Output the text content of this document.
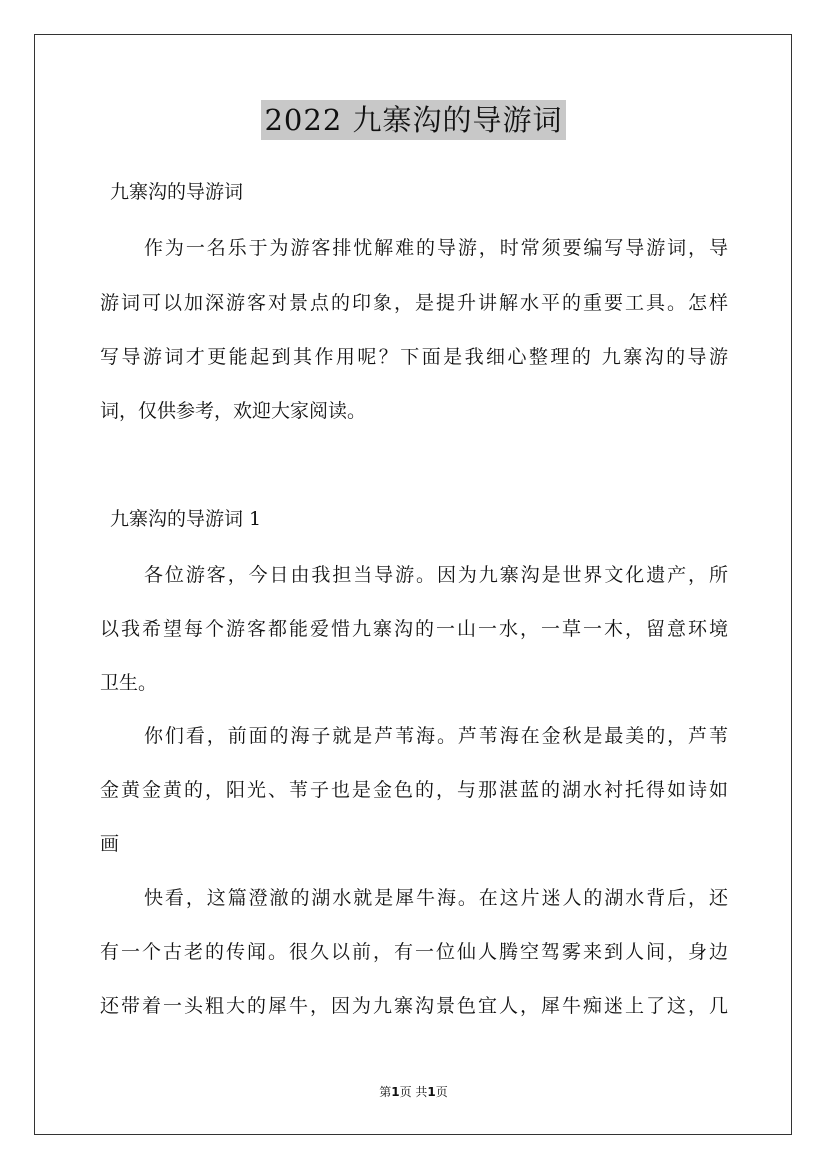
2022 九寨沟的导游词
九寨沟的导游词
作为一名乐于为游客排忧解难的导游，时常须要编写导游词，导
游词可以加深游客对景点的印象，是提升讲解水平的重要工具。怎样
写导游词才更能起到其作用呢？下面是我细心整理的 九寨沟的导游
词，仅供参考，欢迎大家阅读。
九寨沟的导游词 1
各位游客，今日由我担当导游。因为九寨沟是世界文化遗产，所
以我希望每个游客都能爱惜九寨沟的一山一水，一草一木，留意环境
卫生。
你们看，前面的海子就是芦苇海。芦苇海在金秋是最美的，芦苇
金黄金黄的，阳光、苇子也是金色的，与那湛蓝的湖水衬托得如诗如
画
快看，这篇澄澈的湖水就是犀牛海。在这片迷人的湖水背后，还
有一个古老的传闻。很久以前，有一位仙人腾空驾雾来到人间，身边
还带着一头粗大的犀牛，因为九寨沟景色宜人，犀牛痴迷上了这，几
第1页 共1页
